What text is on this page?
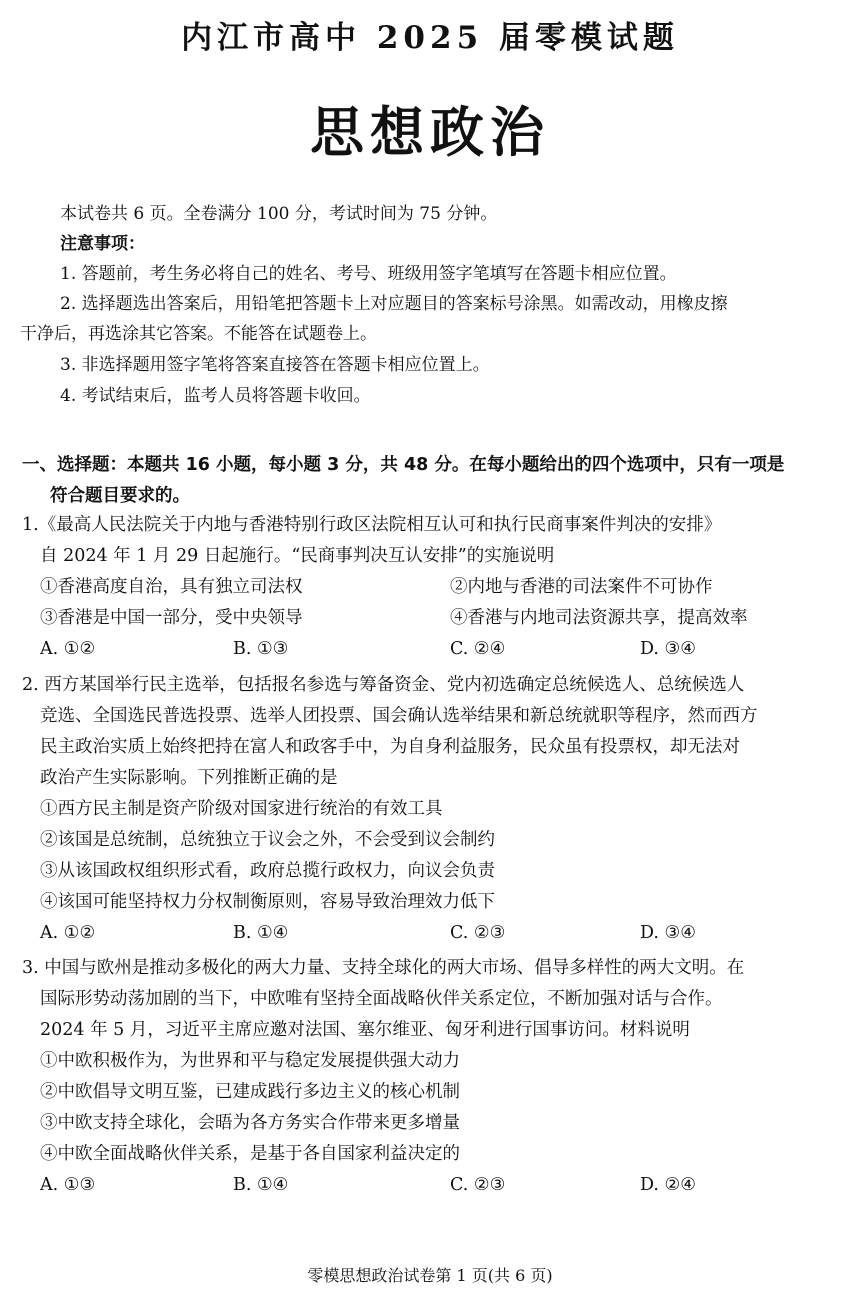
内江市高中 2025 届零模试题
思想政治
本试卷共 6 页。全卷满分 100 分，考试时间为 75 分钟。
注意事项：
1. 答题前，考生务必将自己的姓名、考号、班级用签字笔填写在答题卡相应位置。
2. 选择题选出答案后，用铅笔把答题卡上对应题目的答案标号涂黑。如需改动，用橡皮擦
干净后，再选涂其它答案。不能答在试题卷上。
3. 非选择题用签字笔将答案直接答在答题卡相应位置上。
4. 考试结束后，监考人员将答题卡收回。
一、选择题：本题共 16 小题，每小题 3 分，共 48 分。在每小题给出的四个选项中，只有一项是
符合题目要求的。
1.《最高人民法院关于内地与香港特别行政区法院相互认可和执行民商事案件判决的安排》
自 2024 年 1 月 29 日起施行。“民商事判决互认安排”的实施说明
①香港高度自治，具有独立司法权	②内地与香港的司法案件不可协作
③香港是中国一部分，受中央领导	④香港与内地司法资源共享，提高效率
A. ①②	B. ①③	C. ②④	D. ③④
2. 西方某国举行民主选举，包括报名参选与筹备资金、党内初选确定总统候选人、总统候选人
竞选、全国选民普选投票、选举人团投票、国会确认选举结果和新总统就职等程序，然而西方
民主政治实质上始终把持在富人和政客手中，为自身利益服务，民众虽有投票权，却无法对
政治产生实际影响。下列推断正确的是
①西方民主制是资产阶级对国家进行统治的有效工具
②该国是总统制，总统独立于议会之外，不会受到议会制约
③从该国政权组织形式看，政府总揽行政权力，向议会负责
④该国可能坚持权力分权制衡原则，容易导致治理效力低下
A. ①②	B. ①④	C. ②③	D. ③④
3. 中国与欧州是推动多极化的两大力量、支持全球化的两大市场、倡导多样性的两大文明。在
国际形势动荡加剧的当下，中欧唯有坚持全面战略伙伴关系定位，不断加强对话与合作。
2024 年 5 月，习近平主席应邀对法国、塞尔维亚、匈牙利进行国事访问。材料说明
①中欧积极作为，为世界和平与稳定发展提供强大动力
②中欧倡导文明互鉴，已建成践行多边主义的核心机制
③中欧支持全球化，会晤为各方务实合作带来更多增量
④中欧全面战略伙伴关系，是基于各自国家利益决定的
A. ①③	B. ①④	C. ②③	D. ②④
零模思想政治试卷第 1 页(共 6 页)
